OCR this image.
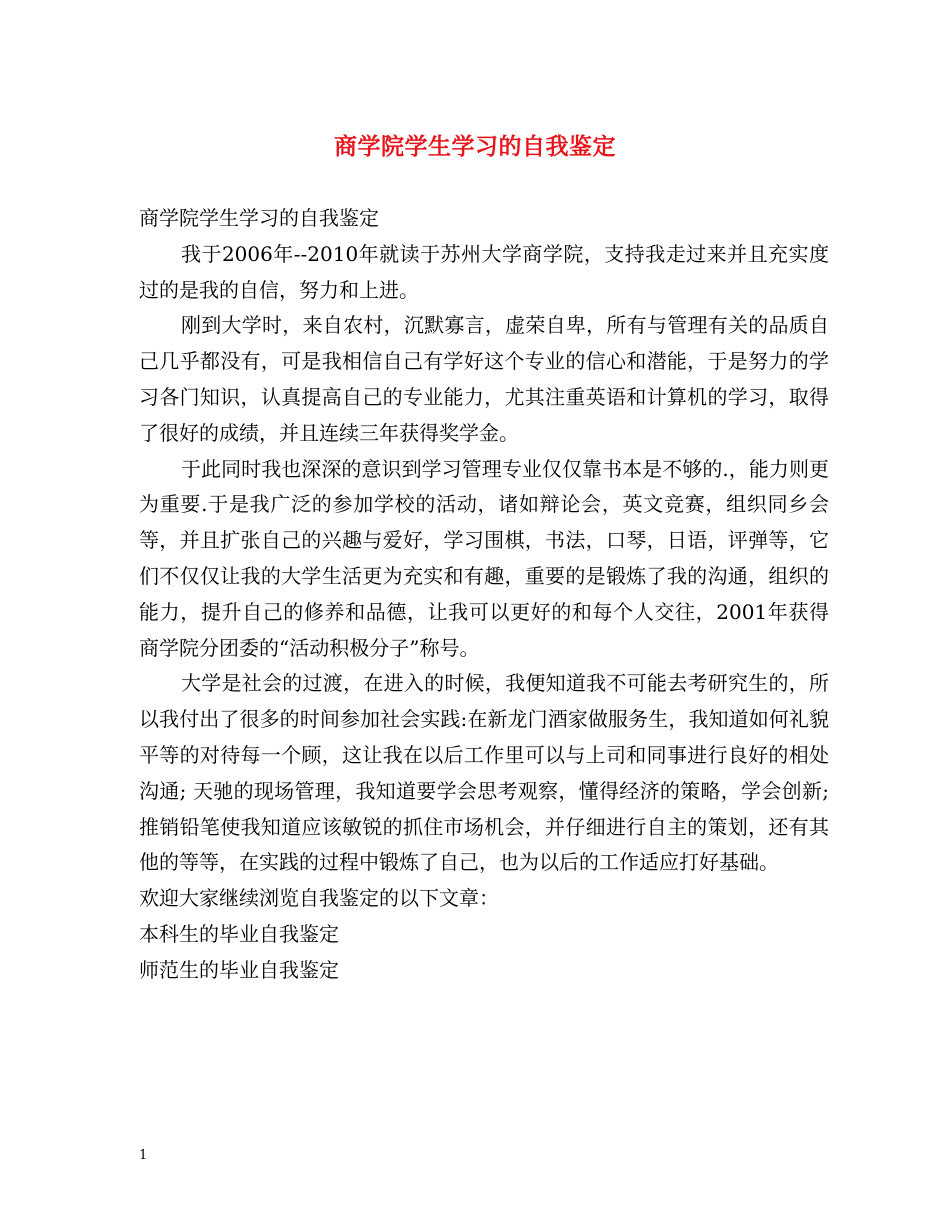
商学院学生学习的自我鉴定

商学院学生学习的自我鉴定

我于2006年--2010年就读于苏州大学商学院，支持我走过来并且充实度过的是我的自信，努力和上进。

刚到大学时，来自农村，沉默寡言，虚荣自卑，所有与管理有关的品质自己几乎都没有，可是我相信自己有学好这个专业的信心和潜能，于是努力的学习各门知识，认真提高自己的专业能力，尤其注重英语和计算机的学习，取得了很好的成绩，并且连续三年获得奖学金。

于此同时我也深深的意识到学习管理专业仅仅靠书本是不够的.，能力则更为重要.于是我广泛的参加学校的活动，诸如辩论会，英文竞赛，组织同乡会等，并且扩张自己的兴趣与爱好，学习围棋，书法，口琴，日语，评弹等，它们不仅仅让我的大学生活更为充实和有趣，重要的是锻炼了我的沟通，组织的能力，提升自己的修养和品德，让我可以更好的和每个人交往，2001年获得商学院分团委的“活动积极分子”称号。

大学是社会的过渡，在进入的时候，我便知道我不可能去考研究生的，所以我付出了很多的时间参加社会实践:在新龙门酒家做服务生，我知道如何礼貌平等的对待每一个顾，这让我在以后工作里可以与上司和同事进行良好的相处沟通; 天驰的现场管理，我知道要学会思考观察，懂得经济的策略，学会创新; 推销铅笔使我知道应该敏锐的抓住市场机会，并仔细进行自主的策划，还有其他的等等，在实践的过程中锻炼了自己，也为以后的工作适应打好基础。

欢迎大家继续浏览自我鉴定的以下文章：

本科生的毕业自我鉴定

师范生的毕业自我鉴定

1
